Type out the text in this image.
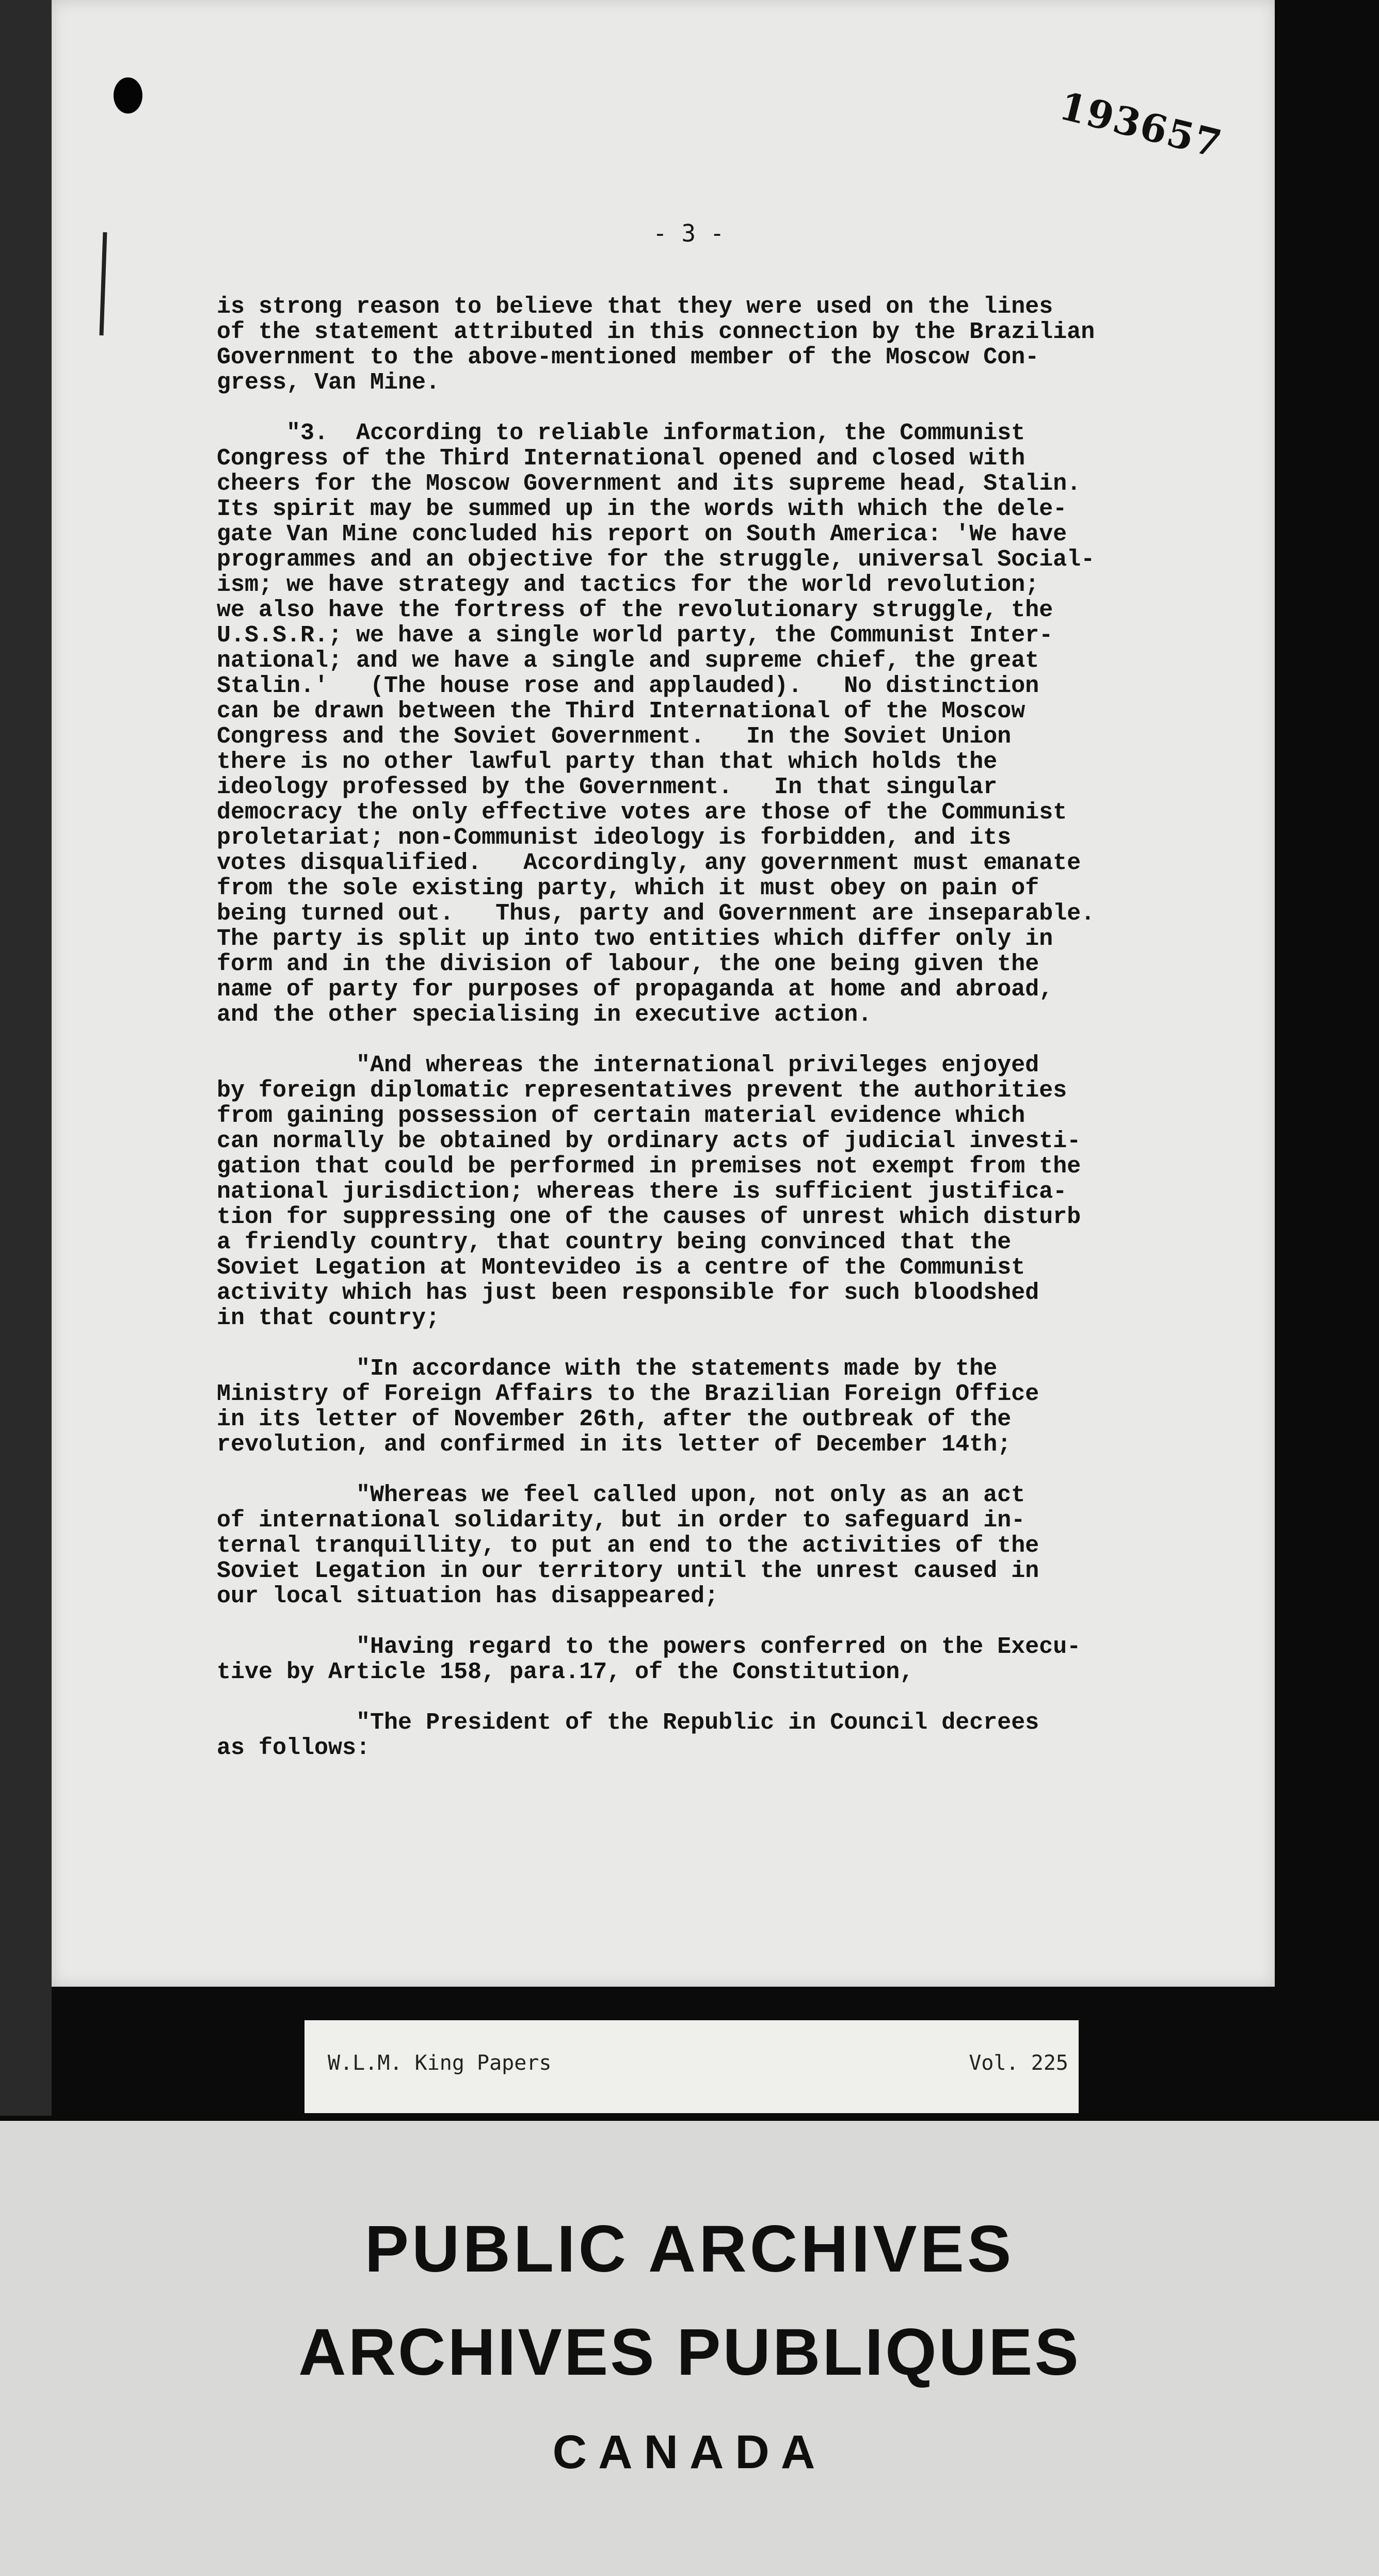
193657
- 3 -

is strong reason to believe that they were used on the lines
of the statement attributed in this connection by the Brazilian
Government to the above-mentioned member of the Moscow Con-
gress, Van Mine.

"3.  According to reliable information, the Communist
Congress of the Third International opened and closed with
cheers for the Moscow Government and its supreme head, Stalin.
Its spirit may be summed up in the words with which the dele-
gate Van Mine concluded his report on South America: 'We have
programmes and an objective for the struggle, universal Social-
ism; we have strategy and tactics for the world revolution;
we also have the fortress of the revolutionary struggle, the
U.S.S.R.; we have a single world party, the Communist Inter-
national; and we have a single and supreme chief, the great
Stalin.'   (The house rose and applauded).   No distinction
can be drawn between the Third International of the Moscow
Congress and the Soviet Government.   In the Soviet Union
there is no other lawful party than that which holds the
ideology professed by the Government.   In that singular
democracy the only effective votes are those of the Communist
proletariat; non-Communist ideology is forbidden, and its
votes disqualified.   Accordingly, any government must emanate
from the sole existing party, which it must obey on pain of
being turned out.   Thus, party and Government are inseparable.
The party is split up into two entities which differ only in
form and in the division of labour, the one being given the
name of party for purposes of propaganda at home and abroad,
and the other specialising in executive action.

"And whereas the international privileges enjoyed
by foreign diplomatic representatives prevent the authorities
from gaining possession of certain material evidence which
can normally be obtained by ordinary acts of judicial investi-
gation that could be performed in premises not exempt from the
national jurisdiction; whereas there is sufficient justifica-
tion for suppressing one of the causes of unrest which disturb
a friendly country, that country being convinced that the
Soviet Legation at Montevideo is a centre of the Communist
activity which has just been responsible for such bloodshed
in that country;

"In accordance with the statements made by the
Ministry of Foreign Affairs to the Brazilian Foreign Office
in its letter of November 26th, after the outbreak of the
revolution, and confirmed in its letter of December 14th;

"Whereas we feel called upon, not only as an act
of international solidarity, but in order to safeguard in-
ternal tranquillity, to put an end to the activities of the
Soviet Legation in our territory until the unrest caused in
our local situation has disappeared;

"Having regard to the powers conferred on the Execu-
tive by Article 158, para.17, of the Constitution,

"The President of the Republic in Council decrees
as follows:

W.L.M. King Papers	Vol. 225
PUBLIC ARCHIVES
ARCHIVES PUBLIQUES
CANADA
